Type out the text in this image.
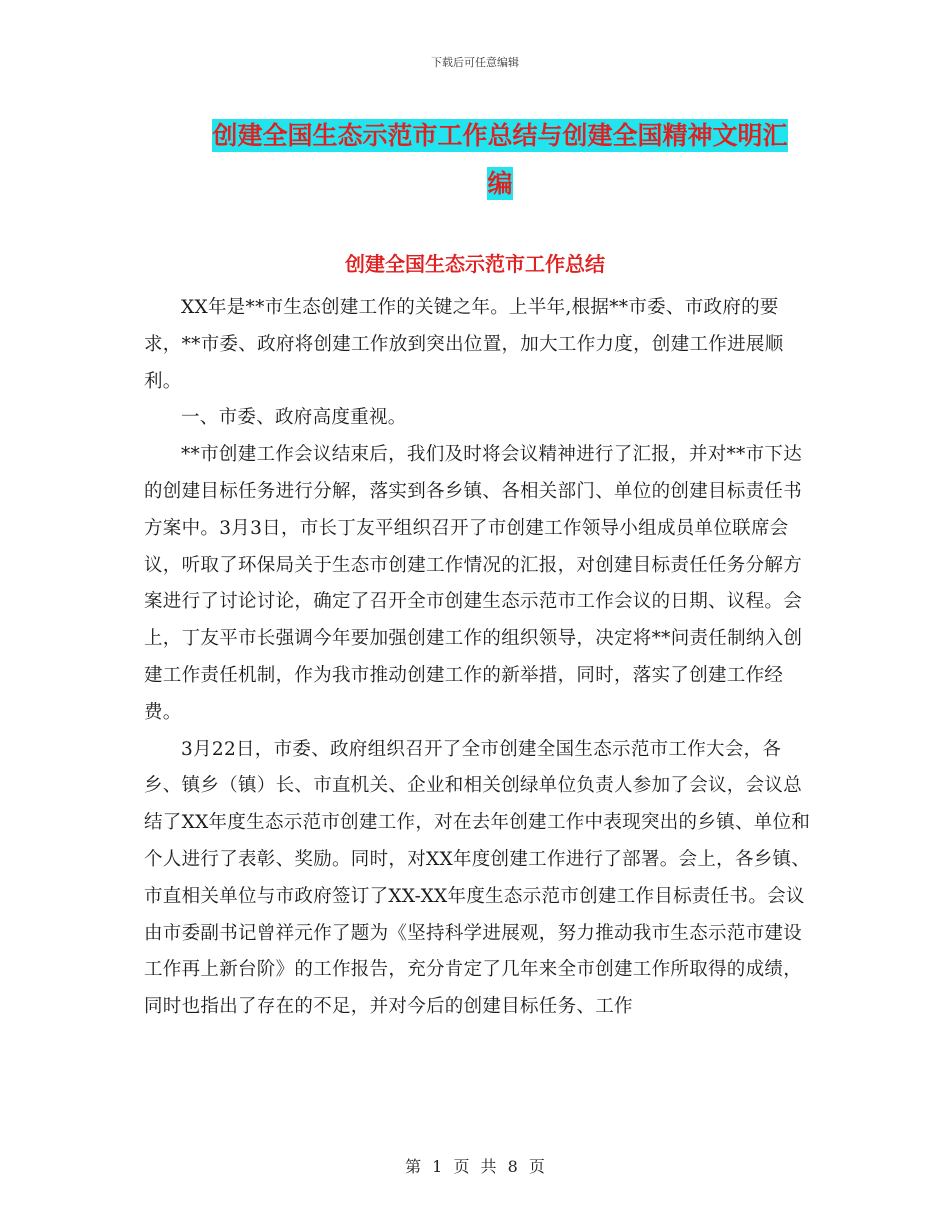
下载后可任意编辑
创建全国生态示范市工作总结与创建全国精神文明汇
编
创建全国生态示范市工作总结

XX年是**市生态创建工作的关键之年。上半年,根据**市委、市政府的要求，**市委、政府将创建工作放到突出位置，加大工作力度，创建工作进展顺利。

一、市委、政府高度重视。

**市创建工作会议结束后，我们及时将会议精神进行了汇报，并对**市下达的创建目标任务进行分解，落实到各乡镇、各相关部门、单位的创建目标责任书方案中。3月3日，市长丁友平组织召开了市创建工作领导小组成员单位联席会议，听取了环保局关于生态市创建工作情况的汇报，对创建目标责任任务分解方案进行了讨论讨论，确定了召开全市创建生态示范市工作会议的日期、议程。会上，丁友平市长强调今年要加强创建工作的组织领导，决定将**问责任制纳入创建工作责任机制，作为我市推动创建工作的新举措，同时，落实了创建工作经费。

3月22日，市委、政府组织召开了全市创建全国生态示范市工作大会，各乡、镇乡（镇）长、市直机关、企业和相关创绿单位负责人参加了会议，会议总结了XX年度生态示范市创建工作，对在去年创建工作中表现突出的乡镇、单位和个人进行了表彰、奖励。同时，对XX年度创建工作进行了部署。会上，各乡镇、市直相关单位与市政府签订了XX-XX年度生态示范市创建工作目标责任书。会议由市委副书记曾祥元作了题为《坚持科学进展观，努力推动我市生态示范市建设工作再上新台阶》的工作报告，充分肯定了几年来全市创建工作所取得的成绩，同时也指出了存在的不足，并对今后的创建目标任务、工作

第 1 页 共 8 页
